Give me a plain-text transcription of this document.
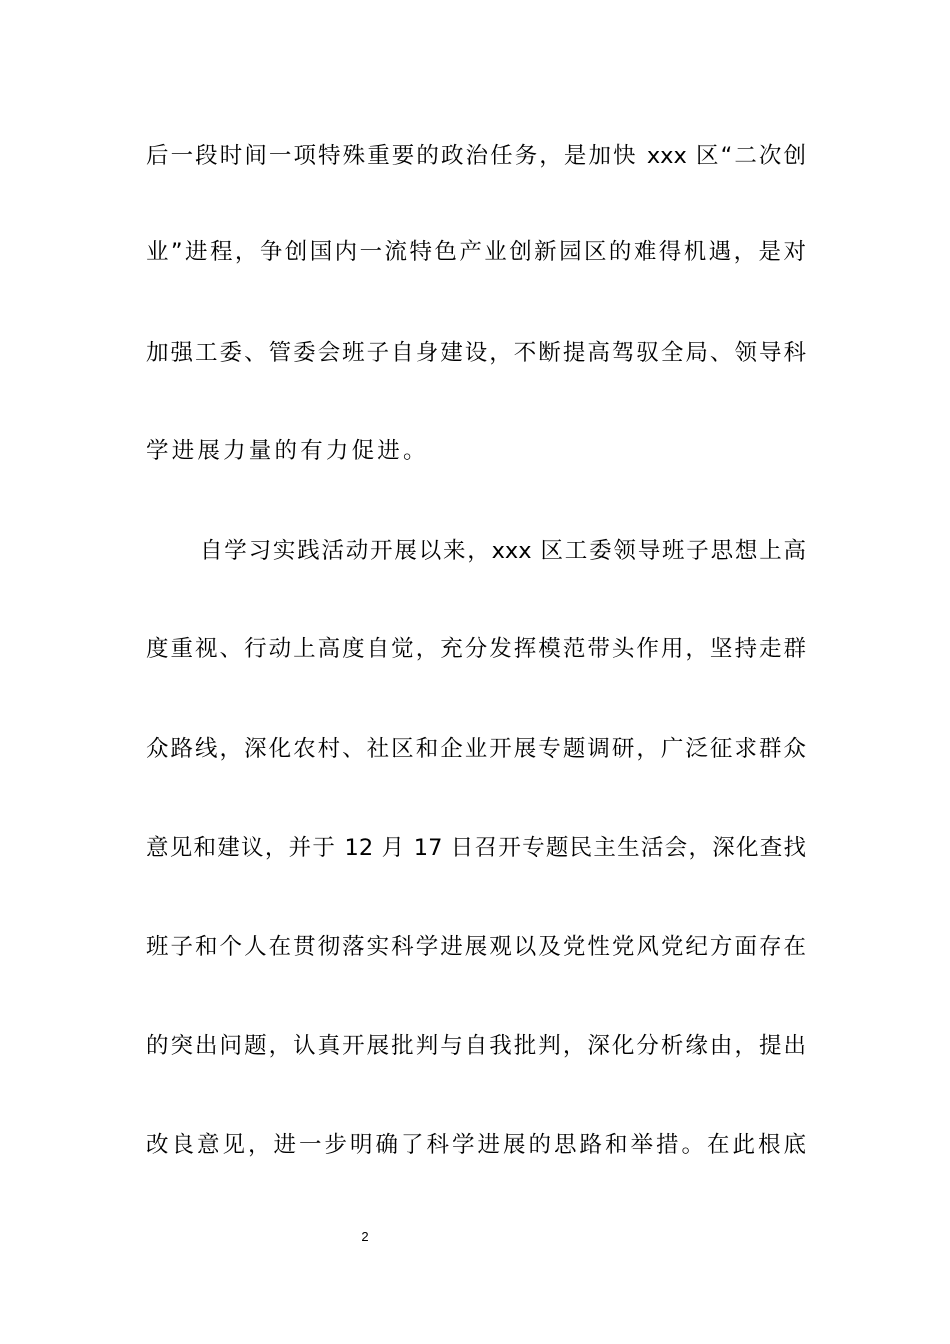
后一段时间一项特殊重要的政治任务，是加快 xxx 区“二次创
业”进程，争创国内一流特色产业创新园区的难得机遇，是对
加强工委、管委会班子自身建设，不断提高驾驭全局、领导科
学进展力量的有力促进。
自学习实践活动开展以来，xxx 区工委领导班子思想上高
度重视、行动上高度自觉，充分发挥模范带头作用，坚持走群
众路线，深化农村、社区和企业开展专题调研，广泛征求群众
意见和建议，并于 12 月 17 日召开专题民主生活会，深化查找
班子和个人在贯彻落实科学进展观以及党性党风党纪方面存在
的突出问题，认真开展批判与自我批判，深化分析缘由，提出
改良意见，进一步明确了科学进展的思路和举措。在此根底
2
